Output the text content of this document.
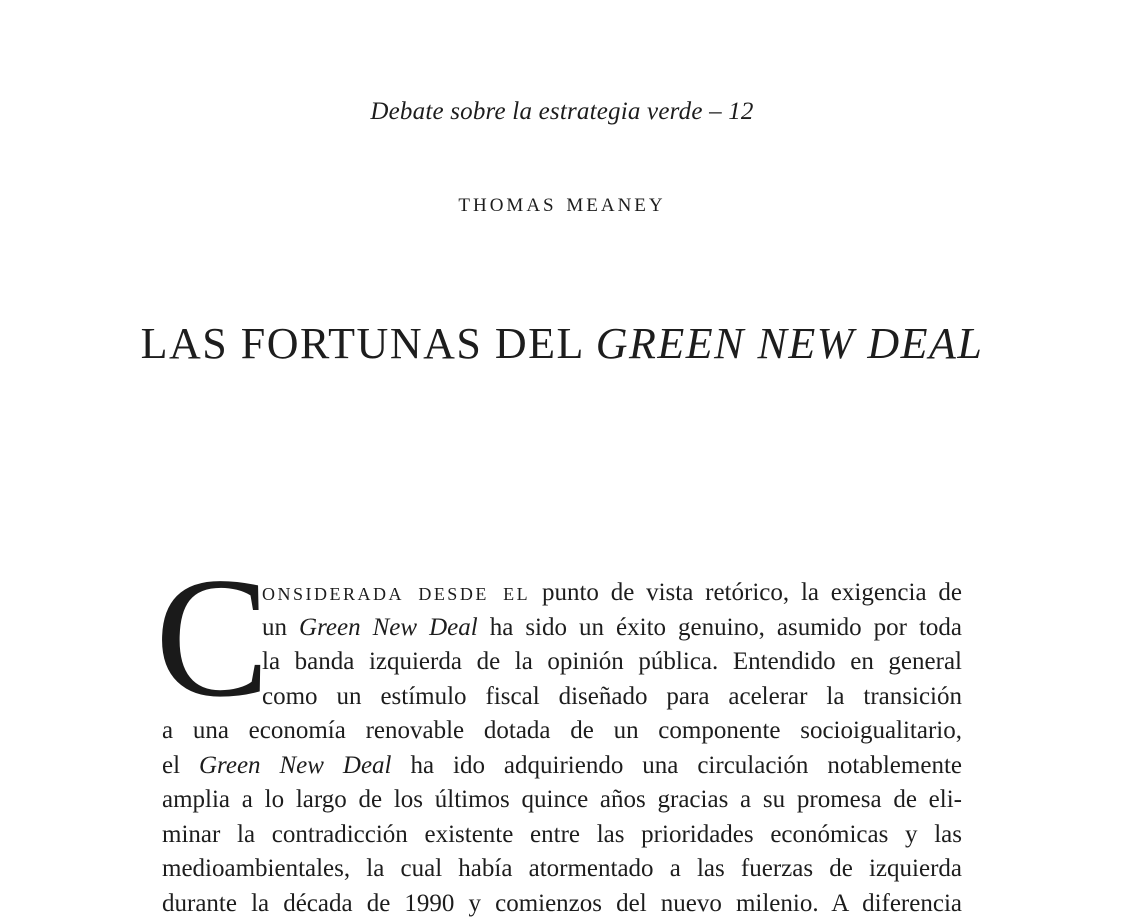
Debate sobre la estrategia verde – 12
thomas meaney
LAS FORTUNAS DEL GREEN NEW DEAL
C
onsiderada desde el punto de vista retórico, la exigencia de
un Green New Deal ha sido un éxito genuino, asumido por toda
la banda izquierda de la opinión pública. Entendido en general
como un estímulo fiscal diseñado para acelerar la transición
a una economía renovable dotada de un componente socioigualitario,
el Green New Deal ha ido adquiriendo una circulación notablemente
amplia a lo largo de los últimos quince años gracias a su promesa de eli-
minar la contradicción existente entre las prioridades económicas y las
medioambientales, la cual había atormentado a las fuerzas de izquierda
durante la década de 1990 y comienzos del nuevo milenio. A diferencia
